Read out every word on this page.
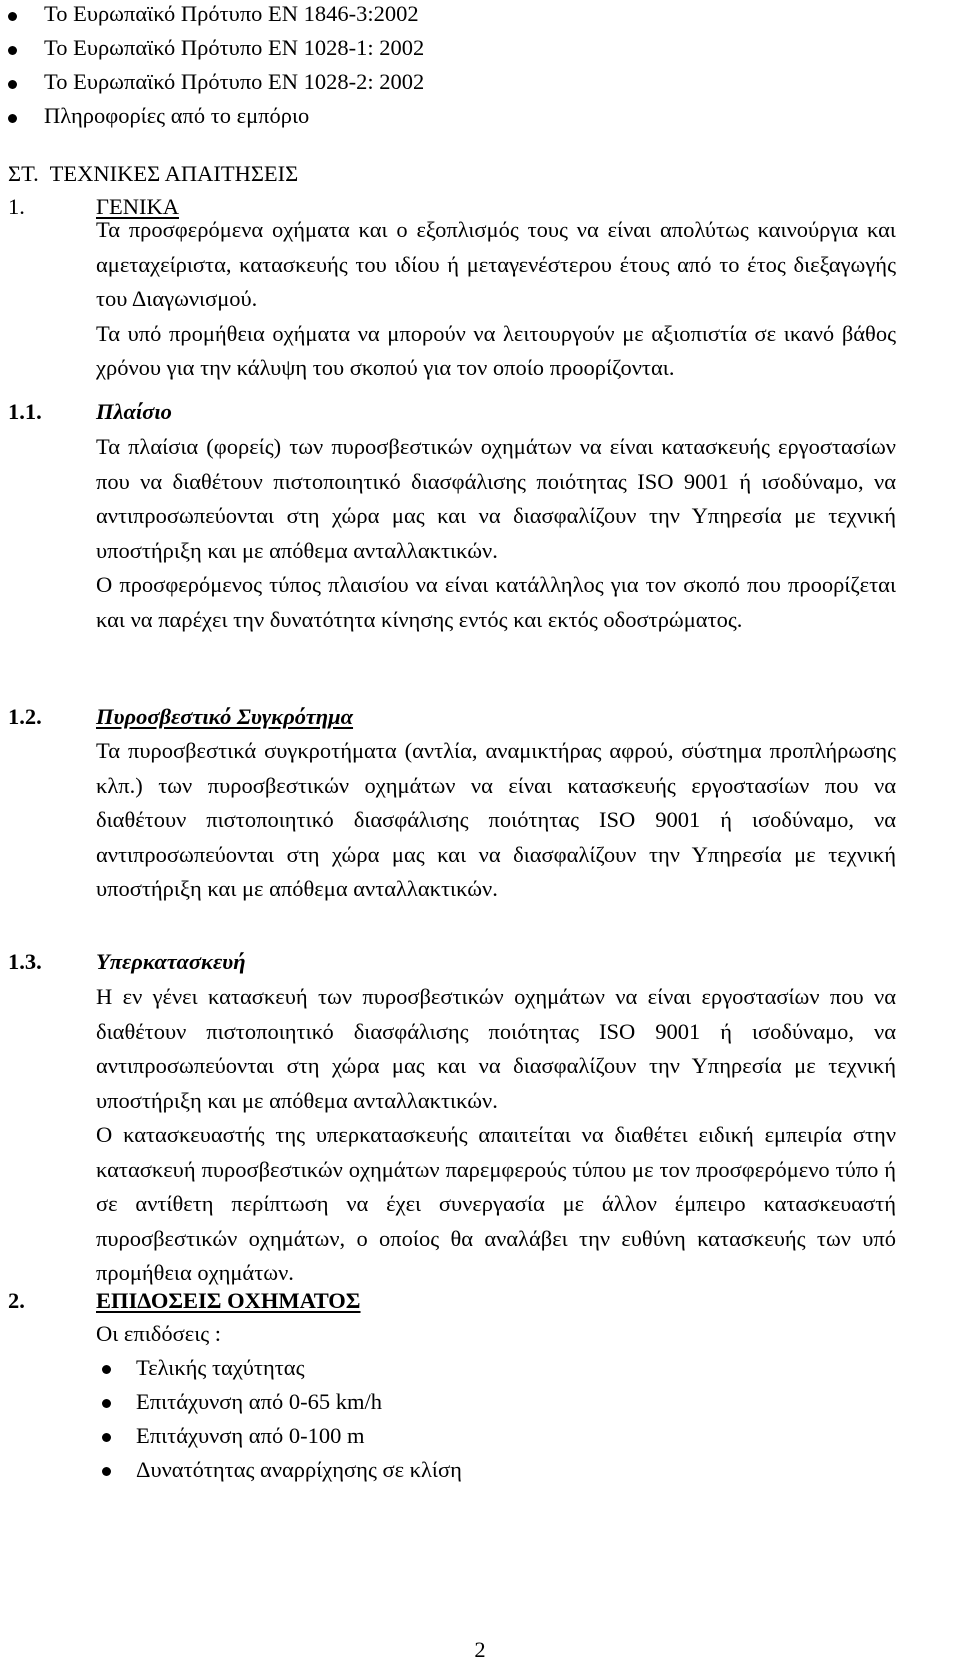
Το Ευρωπαϊκό Πρότυπο ΕΝ 1846-3:2002
Το Ευρωπαϊκό Πρότυπο ΕΝ 1028-1: 2002
Το Ευρωπαϊκό Πρότυπο ΕΝ 1028-2: 2002
Πληροφορίες από το εμπόριο
ΣΤ.  ΤΕΧΝΙΚΕΣ ΑΠΑΙΤΗΣΕΙΣ
1.	ΓΕΝΙΚΑ

Τα προσφερόμενα οχήματα και ο εξοπλισμός τους να είναι απολύτως καινούργια και αμεταχείριστα, κατασκευής του ιδίου ή μεταγενέστερου έτους από το έτος διεξαγωγής του Διαγωνισμού.

Τα υπό προμήθεια οχήματα να μπορούν να λειτουργούν με αξιοπιστία σε ικανό βάθος χρόνου για την κάλυψη του σκοπού για τον οποίο προορίζονται.

1.1. Πλαίσιο

Τα πλαίσια (φορείς) των πυροσβεστικών οχημάτων να είναι κατασκευής εργοστασίων που να διαθέτουν πιστοποιητικό διασφάλισης ποιότητας ISO 9001 ή ισοδύναμο, να αντιπροσωπεύονται στη χώρα μας και να διασφαλίζουν την Υπηρεσία με τεχνική υποστήριξη και με απόθεμα ανταλλακτικών.

Ο προσφερόμενος τύπος πλαισίου να είναι κατάλληλος για τον σκοπό που προορίζεται και να παρέχει την δυνατότητα κίνησης εντός και εκτός οδοστρώματος.

1.2. Πυροσβεστικό Συγκρότημα

Τα πυροσβεστικά συγκροτήματα (αντλία, αναμικτήρας αφρού, σύστημα προπλήρωσης κλπ.) των πυροσβεστικών οχημάτων να είναι κατασκευής εργοστασίων που να διαθέτουν πιστοποιητικό διασφάλισης ποιότητας ISO 9001 ή ισοδύναμο, να αντιπροσωπεύονται στη χώρα μας και να διασφαλίζουν την Υπηρεσία με τεχνική υποστήριξη και με απόθεμα ανταλλακτικών.

1.3. Υπερκατασκευή

Η εν γένει κατασκευή των πυροσβεστικών οχημάτων να είναι εργοστασίων που να διαθέτουν πιστοποιητικό διασφάλισης ποιότητας ISO 9001 ή ισοδύναμο, να αντιπροσωπεύονται στη χώρα μας και να διασφαλίζουν την Υπηρεσία με τεχνική υποστήριξη και με απόθεμα ανταλλακτικών.

Ο κατασκευαστής της υπερκατασκευής απαιτείται να διαθέτει ειδική εμπειρία στην κατασκευή πυροσβεστικών οχημάτων παρεμφερούς τύπου με τον προσφερόμενο τύπο ή σε αντίθετη περίπτωση να έχει συνεργασία με άλλον έμπειρο κατασκευαστή πυροσβεστικών οχημάτων, ο οποίος θα αναλάβει την ευθύνη κατασκευής των υπό προμήθεια οχημάτων.

2.	ΕΠΙΔΟΣΕΙΣ ΟΧΗΜΑΤΟΣ
Οι επιδόσεις :
Τελικής ταχύτητας
Επιτάχυνση από 0-65 km/h
Επιτάχυνση από 0-100 m
Δυνατότητας αναρρίχησης σε κλίση
2
